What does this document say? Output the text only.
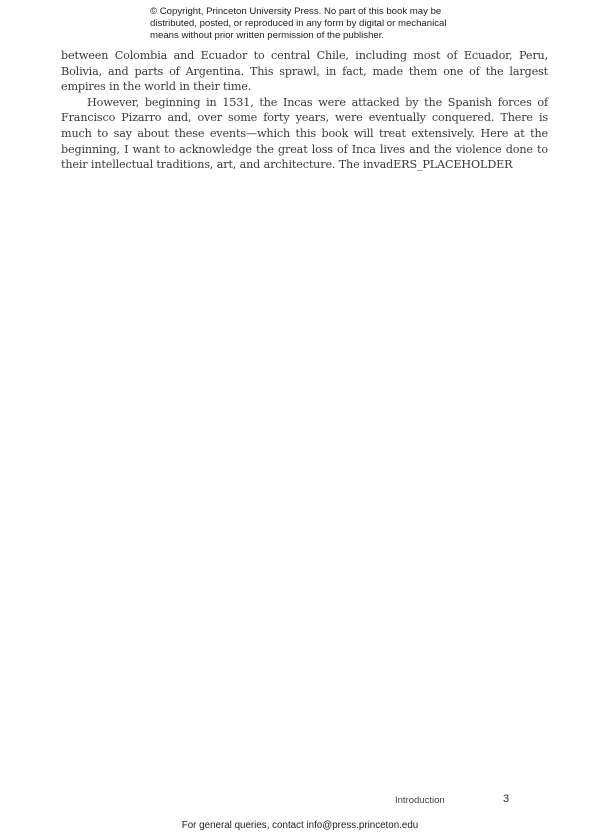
© Copyright, Princeton University Press. No part of this book may be
distributed, posted, or reproduced in any form by digital or mechanical
means without prior written permission of the publisher.

between Colombia and Ecuador to central Chile, including most of Ecuador, Peru, Bolivia, and parts of Argentina. This sprawl, in fact, made them one of the largest empires in the world in their time.

However, beginning in 1531, the Incas were attacked by the Spanish forces of Francisco Pizarro and, over some forty years, were eventually conquered. There is much to say about these events—which this book will treat extensively. Here at the beginning, I want to acknowledge the great loss of Inca lives and the violence done to their intellectual traditions, art, and architecture. The invadERS_PLACEHOLDER

Introduction	3
For general queries, contact info@press.princeton.edu
